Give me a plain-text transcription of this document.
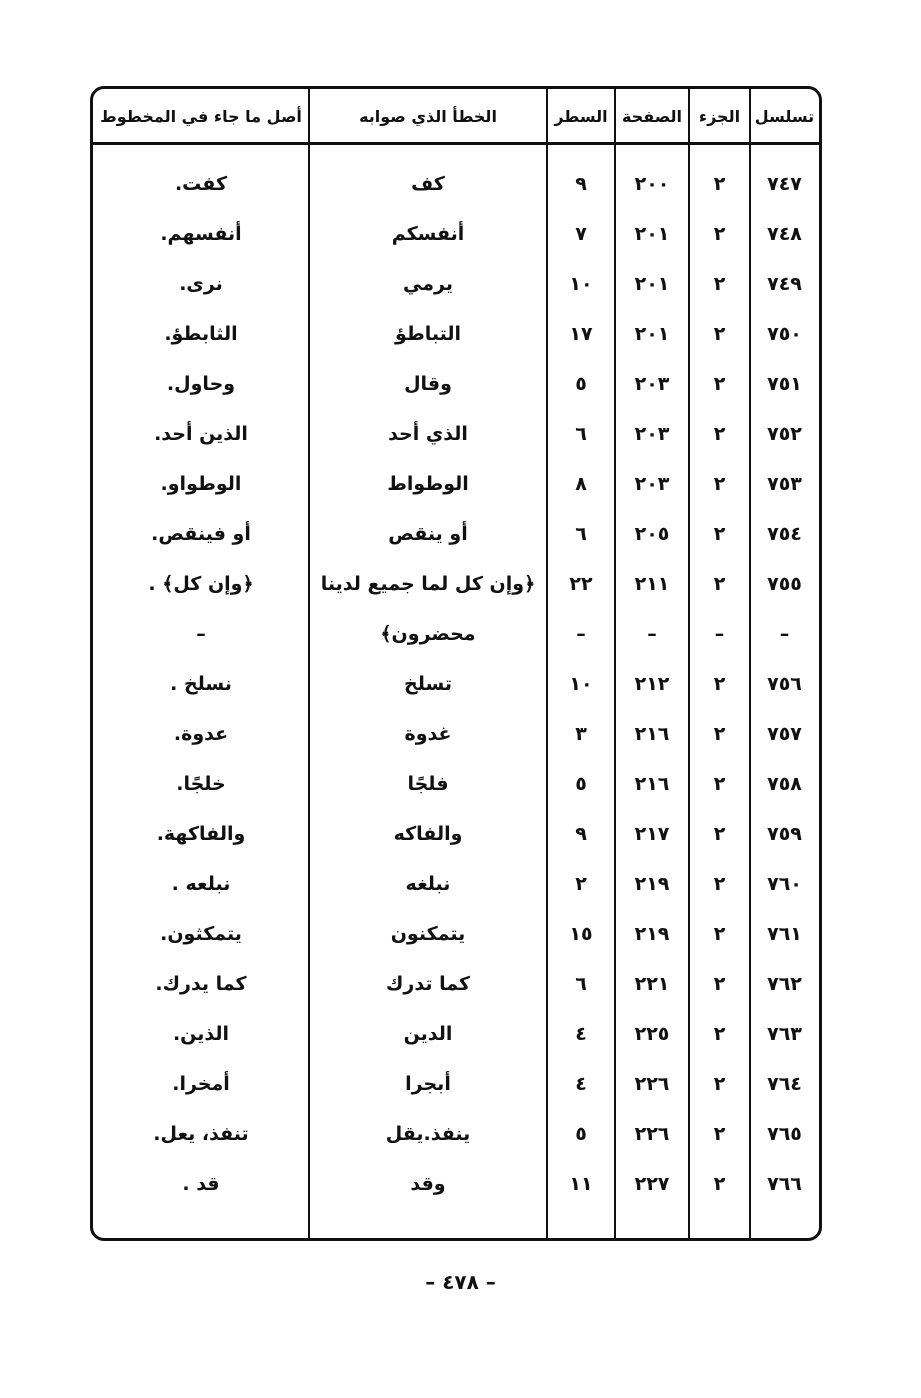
تسلسل	الجزء	الصفحة	السطر	الخطأ الذي صوابه	أصل ما جاء في المخطوط

٧٤٧	٢	٢٠٠	٩	كف	كفت.
٧٤٨	٢	٢٠١	٧	أنفسكم	أنفسهم.
٧٤٩	٢	٢٠١	١٠	يرمي	نرى.
٧٥٠	٢	٢٠١	١٧	التباطؤ	الثابطؤ.
٧٥١	٢	٢٠٣	٥	وقال	وحاول.
٧٥٢	٢	٢٠٣	٦	الذي أحد	الذين أحد.
٧٥٣	٢	٢٠٣	٨	الوطواط	الوطواو.
٧٥٤	٢	٢٠٥	٦	أو ينقص	أو فينقص.
٧٥٥	٢	٢١١	٢٢	﴿وإن كل لما جميع لدينا	﴿وإن كل﴾ .
–	–	–	–	محضرون﴾	–
٧٥٦	٢	٢١٢	١٠	تسلخ	نسلخ .
٧٥٧	٢	٢١٦	٣	غدوة	عدوة.
٧٥٨	٢	٢١٦	٥	فلجًا	خلجًا.
٧٥٩	٢	٢١٧	٩	والفاكه	والفاكهة.
٧٦٠	٢	٢١٩	٢	نبلغه	نبلعه .
٧٦١	٢	٢١٩	١٥	يتمكنون	يتمكثون.
٧٦٢	٢	٢٢١	٦	كما تدرك	كما يدرك.
٧٦٣	٢	٢٢٥	٤	الدين	الذين.
٧٦٤	٢	٢٢٦	٤	أبجرا	أمخرا.
٧٦٥	٢	٢٢٦	٥	ينفذ.يقل	تنفذ، يعل.
٧٦٦	٢	٢٢٧	١١	وقد	قد .
– ٤٧٨ –
